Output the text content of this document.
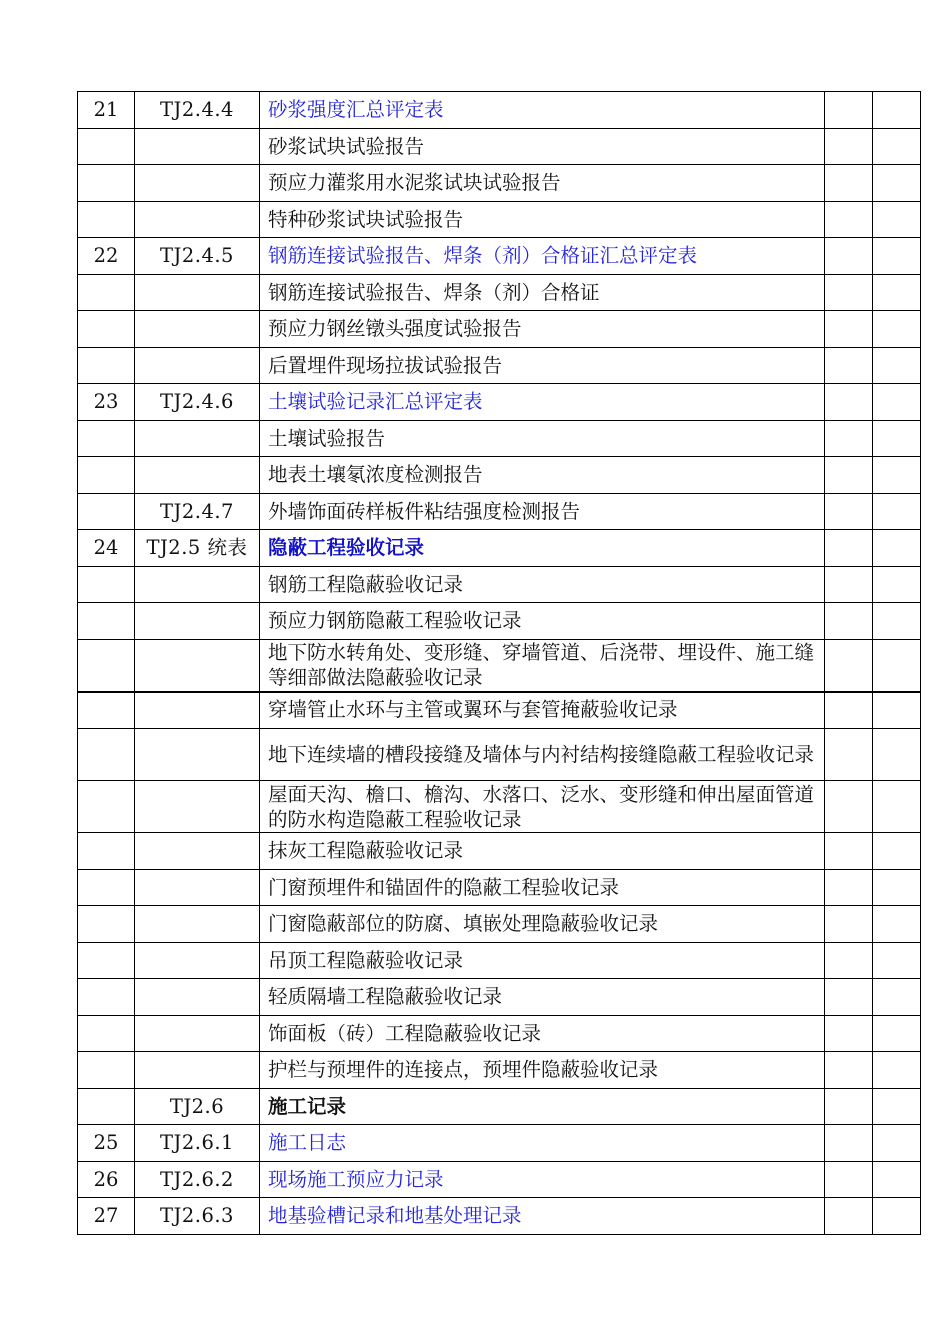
21	TJ2.4.4	砂浆强度汇总评定表		
		砂浆试块试验报告		
		预应力灌浆用水泥浆试块试验报告		
		特种砂浆试块试验报告		
22	TJ2.4.5	钢筋连接试验报告、焊条（剂）合格证汇总评定表		
		钢筋连接试验报告、焊条（剂）合格证		
		预应力钢丝镦头强度试验报告		
		后置埋件现场拉拔试验报告		
23	TJ2.4.6	土壤试验记录汇总评定表		
		土壤试验报告		
		地表土壤氡浓度检测报告		
	TJ2.4.7	外墙饰面砖样板件粘结强度检测报告		
24	TJ2.5 统表	隐蔽工程验收记录		
		钢筋工程隐蔽验收记录		
		预应力钢筋隐蔽工程验收记录		
		地下防水转角处、变形缝、穿墙管道、后浇带、埋设件、施工缝等细部做法隐蔽验收记录		
		穿墙管止水环与主管或翼环与套管掩蔽验收记录		
		地下连续墙的槽段接缝及墙体与内衬结构接缝隐蔽工程验收记录		
		屋面天沟、檐口、檐沟、水落口、泛水、变形缝和伸出屋面管道的防水构造隐蔽工程验收记录		
		抹灰工程隐蔽验收记录		
		门窗预埋件和锚固件的隐蔽工程验收记录		
		门窗隐蔽部位的防腐、填嵌处理隐蔽验收记录		
		吊顶工程隐蔽验收记录		
		轻质隔墙工程隐蔽验收记录		
		饰面板（砖）工程隐蔽验收记录		
		护栏与预埋件的连接点，预埋件隐蔽验收记录		
	TJ2.6	施工记录		
25	TJ2.6.1	施工日志		
26	TJ2.6.2	现场施工预应力记录		
27	TJ2.6.3	地基验槽记录和地基处理记录		
